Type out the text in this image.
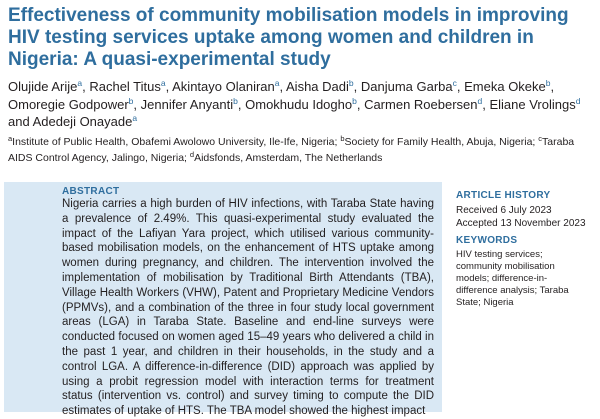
Effectiveness of community mobilisation models in improving HIV testing services uptake among women and children in Nigeria: A quasi-experimental study
Olujide Arije$^a$, Rachel Titus$^a$, Akintayo Olaniran$^a$, Aisha Dadi$^b$, Danjuma Garba$^c$, Emeka Okeke$^b$, Omoregie Godpower$^b$, Jennifer Anyanti$^b$, Omokhudu Idogho$^b$, Carmen Roebersen$^d$, Eliane Vrolings$^d$ and Adedeji Onayade$^a$
$^a$Institute of Public Health, Obafemi Awolowo University, Ile-Ife, Nigeria; $^b$Society for Family Health, Abuja, Nigeria; $^c$Taraba AIDS Control Agency, Jalingo, Nigeria; $^d$Aidsfonds, Amsterdam, The Netherlands
ABSTRACT

Nigeria carries a high burden of HIV infections, with Taraba State having a prevalence of 2.49%. This quasi-experimental study evaluated the impact of the Lafiyan Yara project, which utilised various community-based mobilisation models, on the enhancement of HTS uptake among women during pregnancy, and children. The intervention involved the implementation of mobilisation by Traditional Birth Attendants (TBA), Village Health Workers (VHW), Patent and Proprietary Medicine Vendors (PPMVs), and a combination of the three in four study local government areas (LGA) in Taraba State. Baseline and end-line surveys were conducted focused on women aged 15–49 years who delivered a child in the past 1 year, and children in their households, in the study and a control LGA. A difference-in-difference (DID) approach was applied by using a probit regression model with interaction terms for treatment status (intervention vs. control) and survey timing to compute the DID estimates of uptake of HTS. The TBA model showed the highest impact

ARTICLE HISTORY
Received 6 July 2023
Accepted 13 November 2023
KEYWORDS
HIV testing services;
community mobilisation
models; difference-in-
difference analysis; Taraba
State; Nigeria
